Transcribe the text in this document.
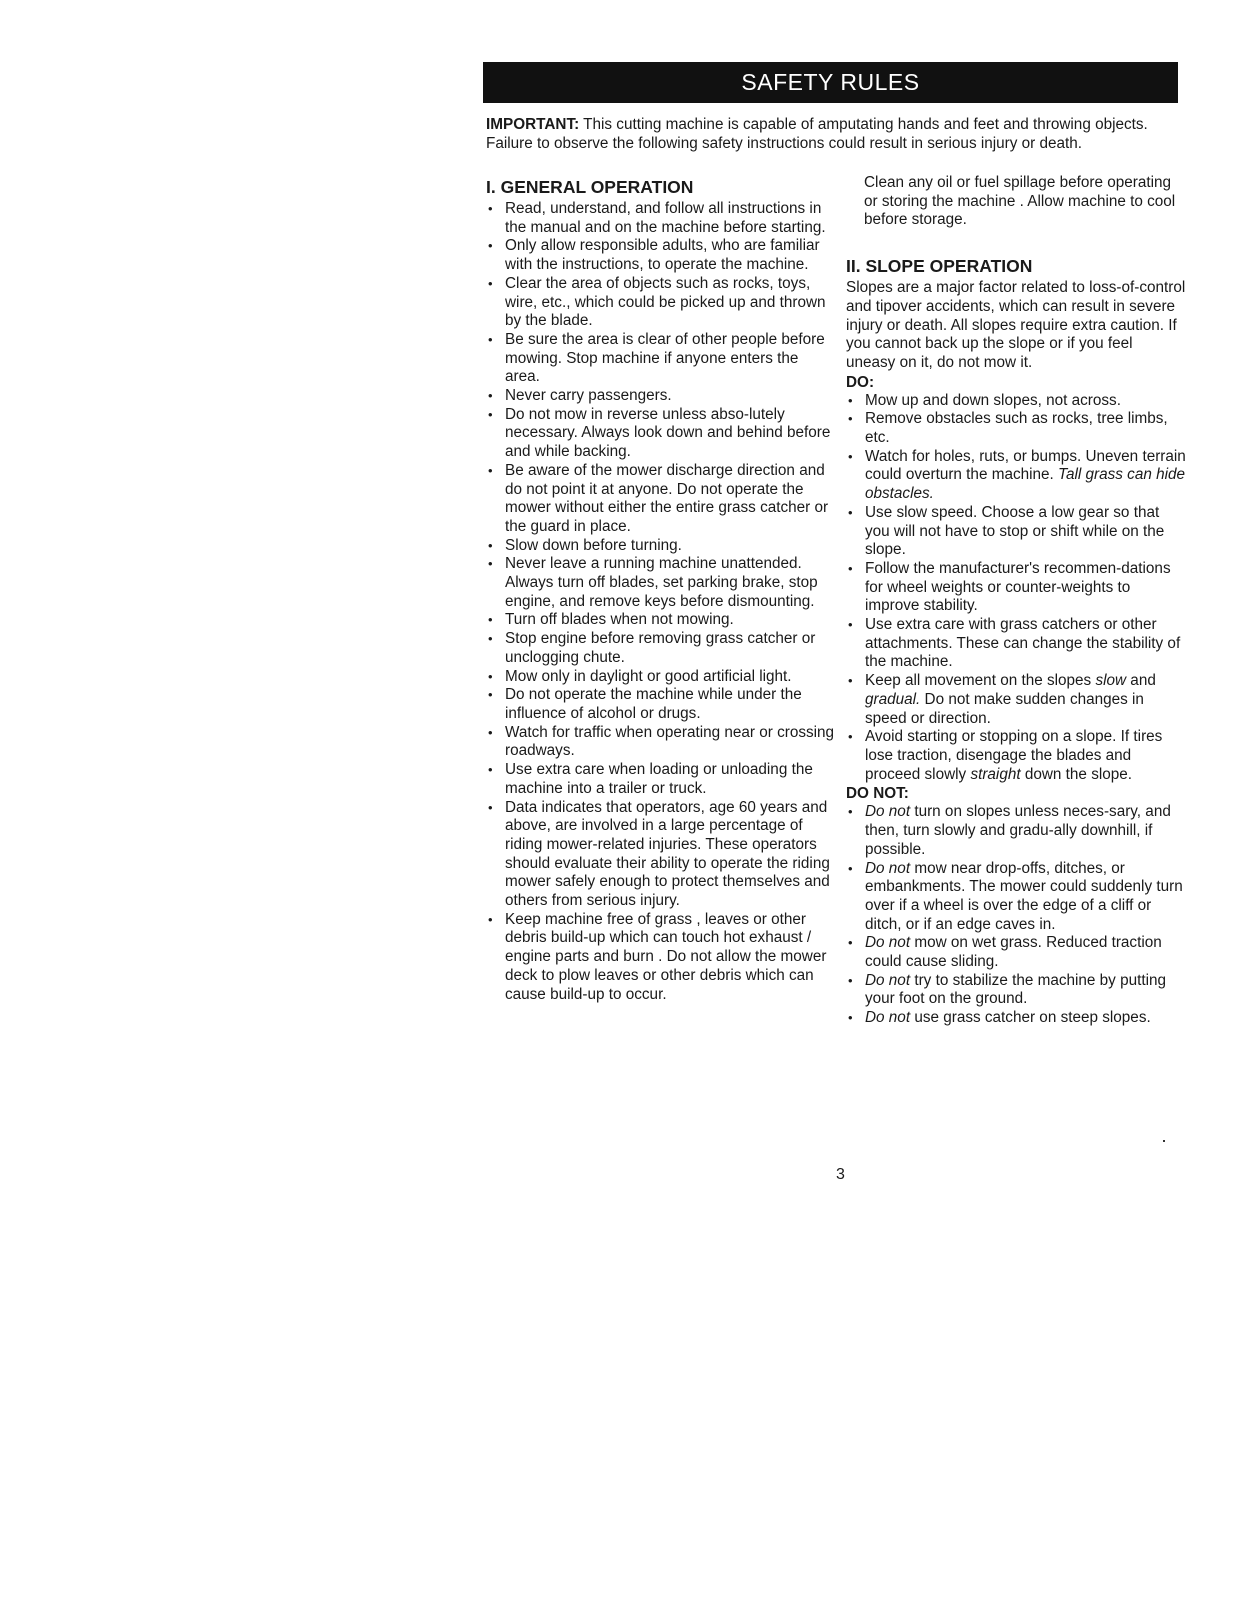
SAFETY RULES

IMPORTANT: This cutting machine is capable of amputating hands and feet and throwing objects. Failure to observe the following safety instructions could result in serious injury or death.

I. GENERAL OPERATION
• Read, understand, and follow all instructions in the manual and on the machine before starting.
• Only allow responsible adults, who are familiar with the instructions, to operate the machine.
• Clear the area of objects such as rocks, toys, wire, etc., which could be picked up and thrown by the blade.
• Be sure the area is clear of other people before mowing. Stop machine if anyone enters the area.
• Never carry passengers.
• Do not mow in reverse unless abso-lutely necessary. Always look down and behind before and while backing.
• Be aware of the mower discharge direction and do not point it at anyone. Do not operate the mower without either the entire grass catcher or the guard in place.
• Slow down before turning.
• Never leave a running machine unattended. Always turn off blades, set parking brake, stop engine, and remove keys before dismounting.
• Turn off blades when not mowing.
• Stop engine before removing grass catcher or unclogging chute.
• Mow only in daylight or good artificial light.
• Do not operate the machine while under the influence of alcohol or drugs.
• Watch for traffic when operating near or crossing roadways.
• Use extra care when loading or unloading the machine into a trailer or truck.
• Data indicates that operators, age 60 years and above, are involved in a large percentage of riding mower-related injuries. These operators should evaluate their ability to operate the riding mower safely enough to protect themselves and others from serious injury.
• Keep machine free of grass , leaves or other debris build-up which can touch hot exhaust / engine parts and burn . Do not allow the mower deck to plow leaves or other debris which can cause build-up to occur.

Clean any oil or fuel spillage before operating or storing the machine . Allow machine to cool before storage.

II. SLOPE OPERATION

Slopes are a major factor related to loss-of-control and tipover accidents, which can result in severe injury or death. All slopes require extra caution. If you cannot back up the slope or if you feel uneasy on it, do not mow it.

DO:
• Mow up and down slopes, not across.
• Remove obstacles such as rocks, tree limbs, etc.
• Watch for holes, ruts, or bumps. Uneven terrain could overturn the machine. Tall grass can hide obstacles.
• Use slow speed. Choose a low gear so that you will not have to stop or shift while on the slope.
• Follow the manufacturer's recommen-dations for wheel weights or counter-weights to improve stability.
• Use extra care with grass catchers or other attachments. These can change the stability of the machine.
• Keep all movement on the slopes slow and gradual. Do not make sudden changes in speed or direction.
• Avoid starting or stopping on a slope. If tires lose traction, disengage the blades and proceed slowly straight down the slope.
DO NOT:
• Do not turn on slopes unless neces-sary, and then, turn slowly and gradu-ally downhill, if possible.
• Do not mow near drop-offs, ditches, or embankments. The mower could suddenly turn over if a wheel is over the edge of a cliff or ditch, or if an edge caves in.
• Do not mow on wet grass. Reduced traction could cause sliding.
• Do not try to stabilize the machine by putting your foot on the ground.
• Do not use grass catcher on steep slopes.
3
